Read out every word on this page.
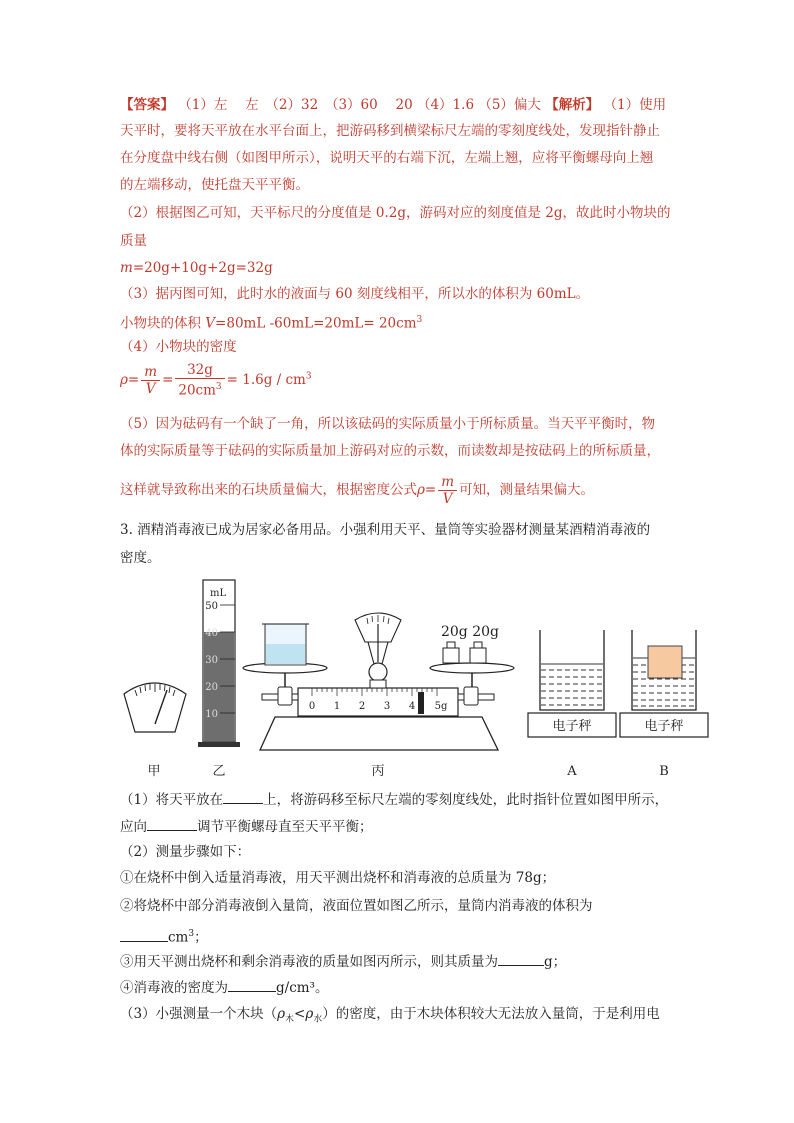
【答案】 （1）左　 左　（2）32　（3）60　 20 （4）1.6 （5）偏大 【解析】 （1）使用
天平时，要将天平放在水平台面上，把游码移到横梁标尺左端的零刻度线处，发现指针静止
在分度盘中线右侧（如图甲所示），说明天平的右端下沉，左端上翘，应将平衡螺母向上翘
的左端移动，使托盘天平平衡。
（2）根据图乙可知，天平标尺的分度值是 0.2g，游码对应的刻度值是 2g，故此时小物块的
质量
m=20g+10g+2g=32g
（3）据丙图可知，此时水的液面与 60 刻度线相平，所以水的体积为 60mL。
小物块的体积 V=80mL $-60mL=20mL= 20cm^3$
（4）小物块的密度
$\rho= \frac{m}{V} = \frac{32g}{20cm^3} = 1.6g / cm^3$
（5）因为砝码有一个缺了一角，所以该砝码的实际质量小于所标质量。当天平平衡时，物
体的实际质量等于砝码的实际质量加上游码对应的示数，而读数却是按砝码上的所标质量，
这样就导致称出来的石块质量偏大，根据密度公式$\rho= \frac{m}{V}$ 可知，测量结果偏大。
3. 酒精消毒液已成为居家必备用品。小强利用天平、量筒等实验器材测量某酒精消毒液的
密度。
mL
50
40
30
20
10
0 1 2 3 4 5g
20g 20g
电子秤	电子秤
甲	乙	丙	A	B
（1）将天平放在	上，将游码移至标尺左端的零刻度线处，此时指针位置如图甲所示，
应向	调节平衡螺母直至天平平衡；
（2）测量步骤如下：
①在烧杯中倒入适量消毒液，用天平测出烧杯和消毒液的总质量为 78g；
②将烧杯中部分消毒液倒入量筒，液面位置如图乙所示，量筒内消毒液的体积为
$cm^3$；
③用天平测出烧杯和剩余消毒液的质量如图丙所示，则其质量为	g；
④消毒液的密度为	g/cm³。
（3）小强测量一个木块$(\rho_木<\rho_水)$的密度，由于木块体积较大无法放入量筒，于是利用电
